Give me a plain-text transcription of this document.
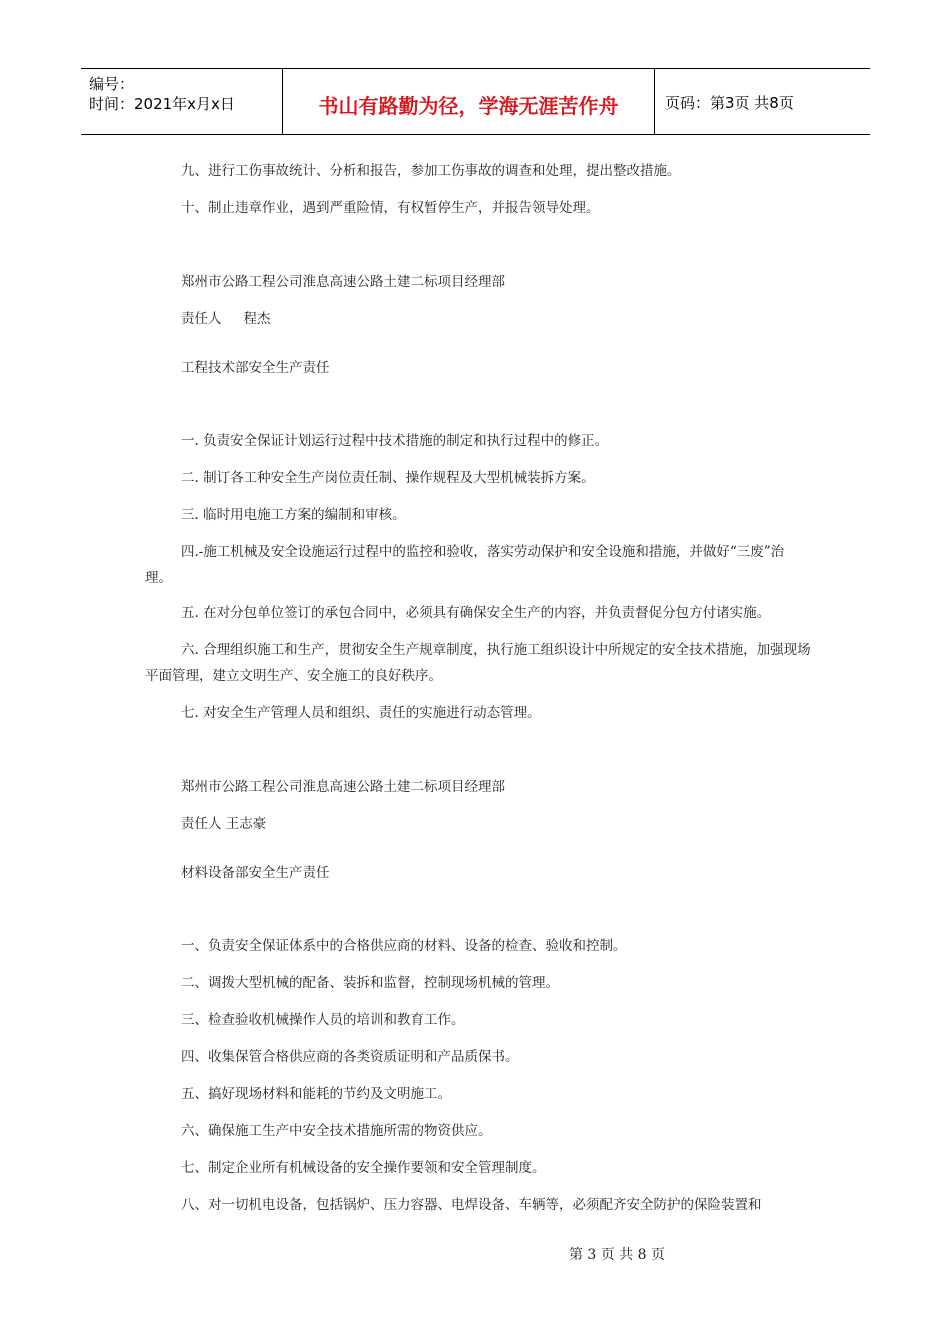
编号：
时间：2021年x月x日	书山有路勤为径，学海无涯苦作舟	页码：第3页 共8页
九、进行工伤事故统计、分析和报告，参加工伤事故的调查和处理，提出整改措施。
十、制止违章作业，遇到严重险情，有权暂停生产，并报告领导处理。
郑州市公路工程公司淮息高速公路土建二标项目经理部
责任人 程杰
工程技术部安全生产责任
一. 负责安全保证计划运行过程中技术措施的制定和执行过程中的修正。
二. 制订各工种安全生产岗位责任制、操作规程及大型机械装拆方案。
三. 临时用电施工方案的编制和审核。
四.-施工机械及安全设施运行过程中的监控和验收，落实劳动保护和安全设施和措施，并做好“三废”治理。
五. 在对分包单位签订的承包合同中，必须具有确保安全生产的内容，并负责督促分包方付诸实施。
六. 合理组织施工和生产，贯彻安全生产规章制度，执行施工组织设计中所规定的安全技术措施，加强现场平面管理，建立文明生产、安全施工的良好秩序。
七. 对安全生产管理人员和组织、责任的实施进行动态管理。
郑州市公路工程公司淮息高速公路土建二标项目经理部
责任人 王志豪
材料设备部安全生产责任
一、负责安全保证体系中的合格供应商的材料、设备的检查、验收和控制。
二、调拨大型机械的配备、装拆和监督，控制现场机械的管理。
三、检查验收机械操作人员的培训和教育工作。
四、收集保管合格供应商的各类资质证明和产品质保书。
五、搞好现场材料和能耗的节约及文明施工。
六、确保施工生产中安全技术措施所需的物资供应。
七、制定企业所有机械设备的安全操作要领和安全管理制度。
八、对一切机电设备，包括锅炉、压力容器、电焊设备、车辆等，必须配齐安全防护的保险装置和
第 3 页 共 8 页
